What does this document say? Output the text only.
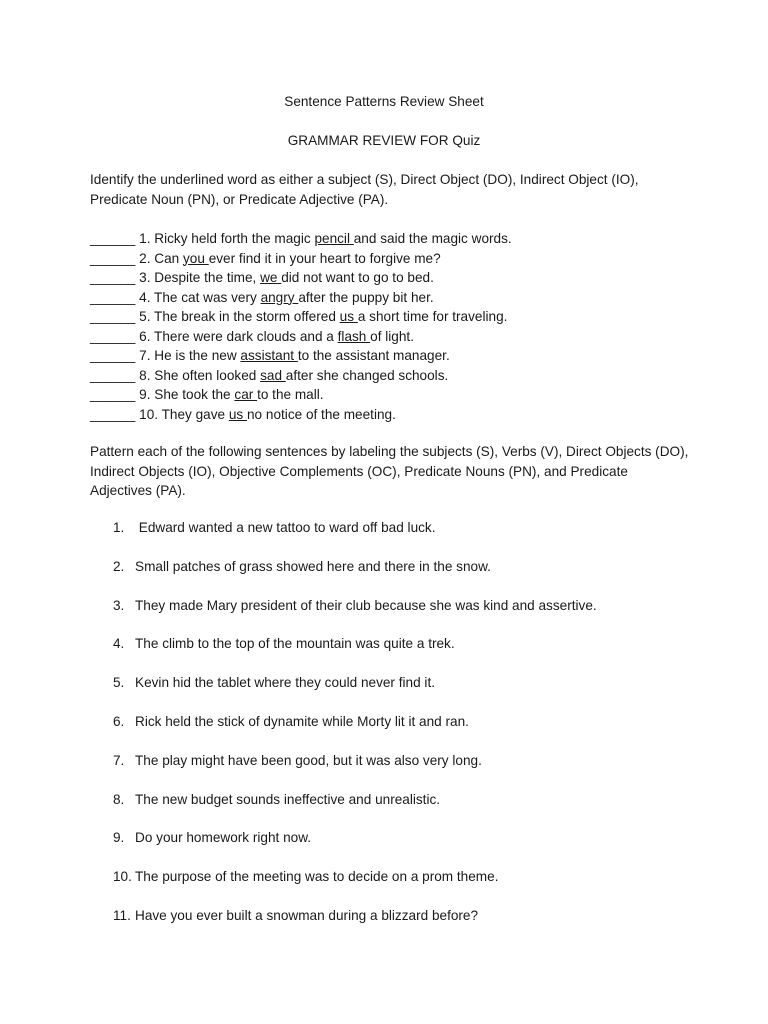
Sentence Patterns Review Sheet
GRAMMAR REVIEW FOR Quiz
Identify the underlined word as either a subject (S), Direct Object (DO), Indirect Object (IO), Predicate Noun (PN), or Predicate Adjective (PA).
______ 1. Ricky held forth the magic pencil and said the magic words.
______ 2. Can you ever find it in your heart to forgive me?
______ 3. Despite the time, we did not want to go to bed.
______ 4. The cat was very angry after the puppy bit her.
______ 5. The break in the storm offered us a short time for traveling.
______ 6. There were dark clouds and a flash of light.
______ 7. He is the new assistant to the assistant manager.
______ 8. She often looked sad after she changed schools.
______ 9. She took the car to the mall.
______ 10. They gave us no notice of the meeting.
Pattern each of the following sentences by labeling the subjects (S), Verbs (V), Direct Objects (DO), Indirect Objects (IO), Objective Complements (OC), Predicate Nouns (PN), and Predicate Adjectives (PA).
1. Edward wanted a new tattoo to ward off bad luck.
2. Small patches of grass showed here and there in the snow.
3. They made Mary president of their club because she was kind and assertive.
4. The climb to the top of the mountain was quite a trek.
5. Kevin hid the tablet where they could never find it.
6. Rick held the stick of dynamite while Morty lit it and ran.
7. The play might have been good, but it was also very long.
8. The new budget sounds ineffective and unrealistic.
9. Do your homework right now.
10. The purpose of the meeting was to decide on a prom theme.
11. Have you ever built a snowman during a blizzard before?
